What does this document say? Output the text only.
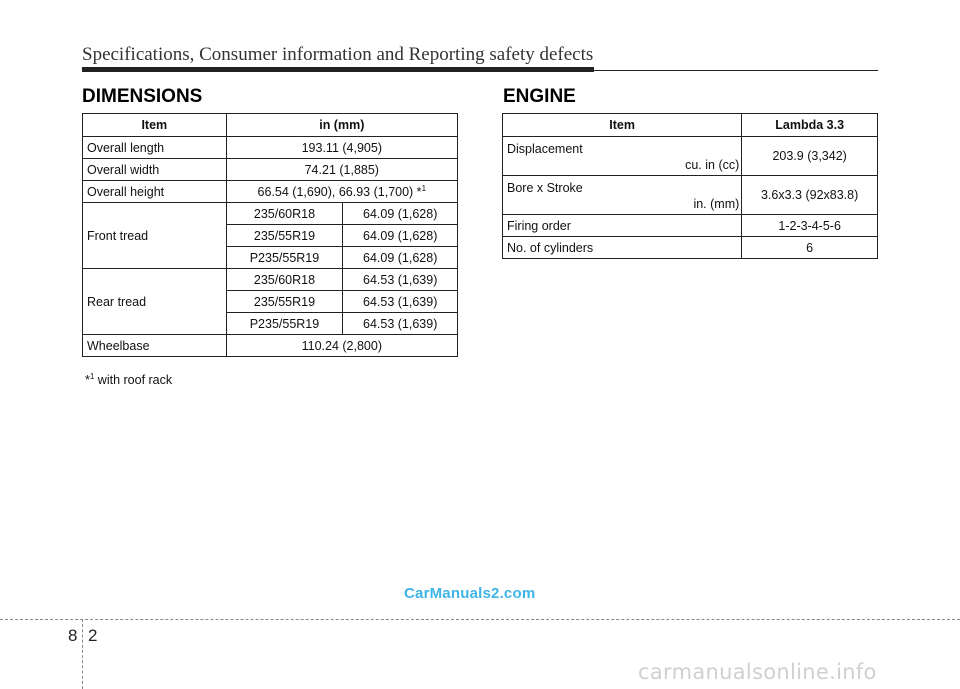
Specifications, Consumer information and Reporting safety defects
DIMENSIONS
Item	in (mm)	
Overall length	193.11 (4,905)	
Overall width	74.21 (1,885)	
Overall height	66.54 (1,690), 66.93 (1,700) *$^1$
Front tread	235/60R18	64.09 (1,628)
	235/55R19	64.09 (1,628)
	P235/55R19	64.09 (1,628)
Rear tread	235/60R18	64.53 (1,639)
	235/55R19	64.53 (1,639)
	P235/55R19	64.53 (1,639)
Wheelbase	110.24 (2,800)	
*$^1$ with roof rack
ENGINE
Item	Lambda 3.3

Displacement
cu. in (cc)	203.9 (3,342)

Bore x Stroke
in. (mm)	3.6x3.3 (92x83.8)
Firing order	1-2-3-4-5-6
No. of cylinders	6
CarManuals2.com
8 2
carmanualsonline.info
